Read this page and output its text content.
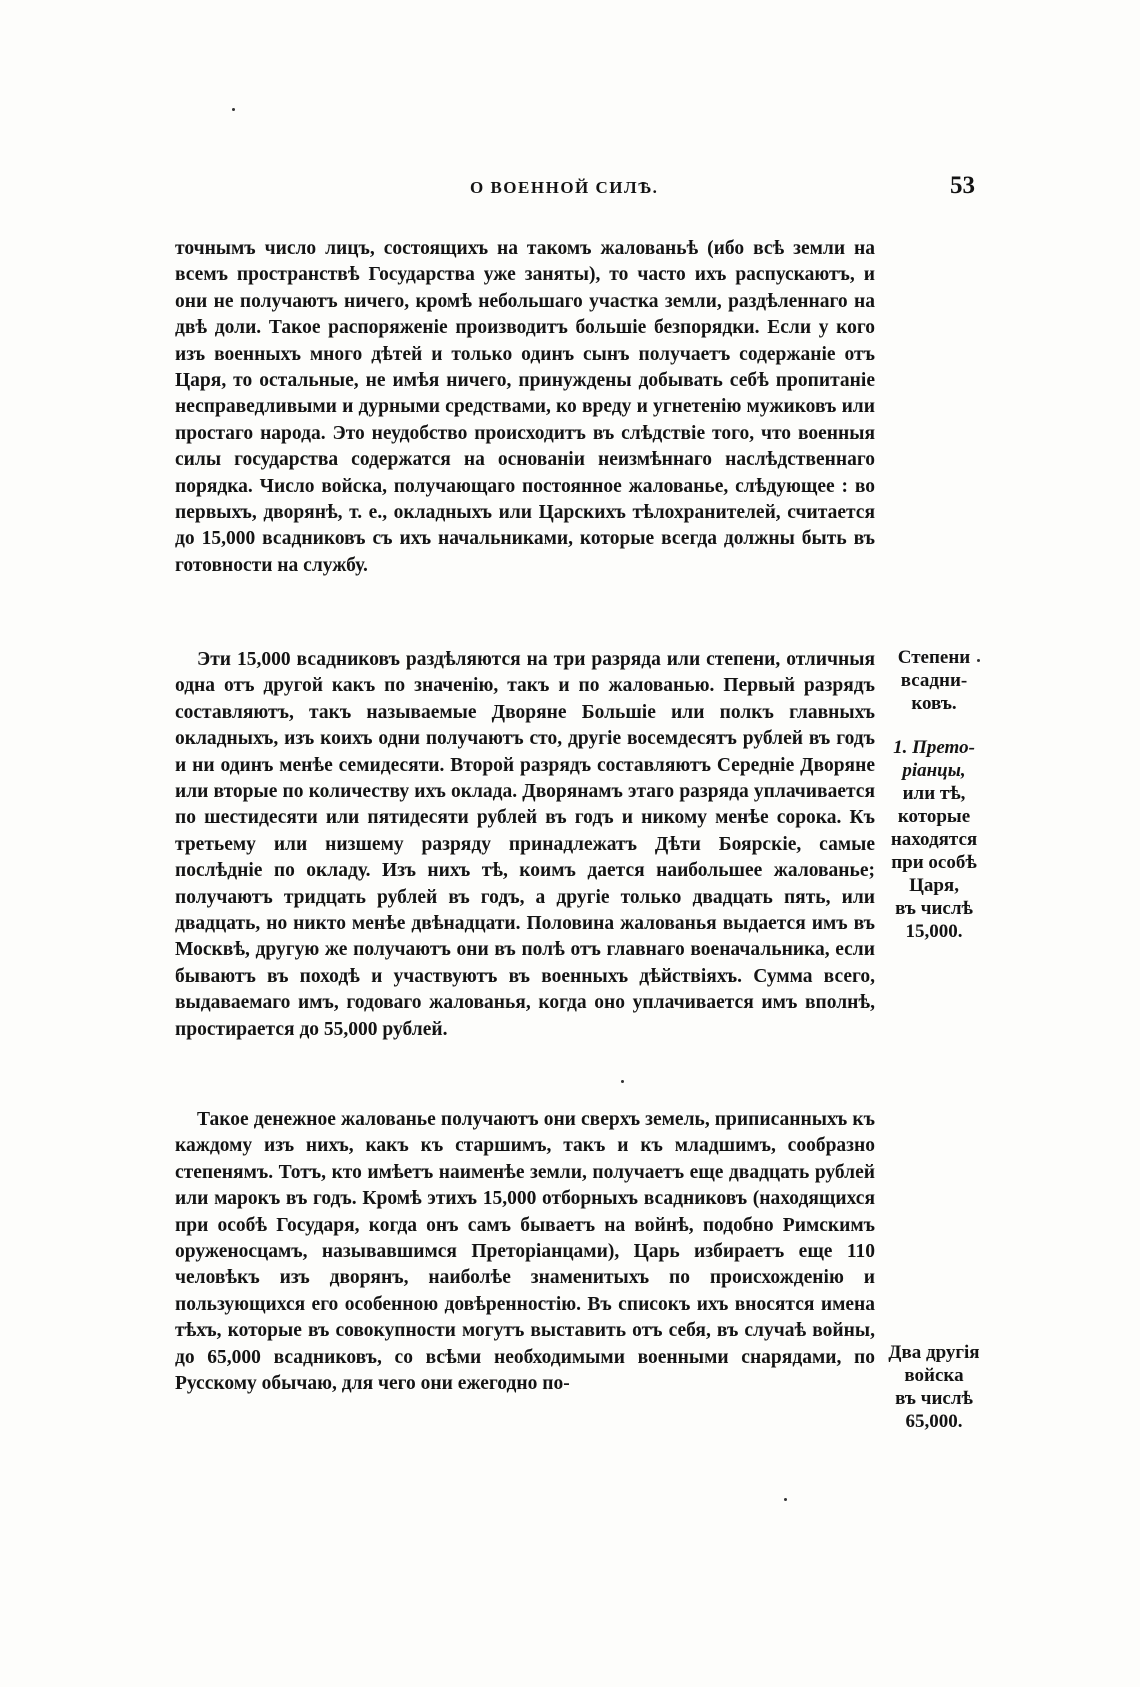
О ВОЕННОЙ СИЛѢ.	53

точнымъ число лицъ, состоящихъ на такомъ жалованьѣ (ибо всѣ земли на всемъ пространствѣ Государства уже заняты), то часто ихъ распускаютъ, и они не получаютъ ничего, кромѣ небольшаго участка земли, раздѣленнаго на двѣ доли. Такое распоряженіе производитъ большіе безпорядки. Если у кого изъ военныхъ много дѣтей и только одинъ сынъ получаетъ содержаніе отъ Царя, то остальные, не имѣя ничего, принуждены добывать себѣ пропитаніе несправедливыми и дурными средствами, ко вреду и угнетенію мужиковъ или простаго народа. Это неудобство происходитъ въ слѣдствіе того, что военныя силы государства содержатся на основаніи неизмѣннаго наслѣдственнаго порядка. Число войска, получающаго постоянное жалованье, слѣдующее : во первыхъ, дворянѣ, т. е., окладныхъ или Царскихъ тѣлохранителей, считается до 15,000 всадниковъ съ ихъ начальниками, которые всегда должны быть въ готовности на службу.

Эти 15,000 всадниковъ раздѣляются на три разряда или степени, отличныя одна отъ другой какъ по значенію, такъ и по жалованью. Первый разрядъ составляютъ, такъ называемые Дворяне Большіе или полкъ главныхъ окладныхъ, изъ коихъ одни получаютъ сто, другіе восемдесятъ рублей въ годъ и ни одинъ менѣе семидесяти. Второй разрядъ составляютъ Середніе Дворяне или вторые по количеству ихъ оклада. Дворянамъ этаго разряда уплачивается по шестидесяти или пятидесяти рублей въ годъ и никому менѣе сорока. Къ третьему или низшему разряду принадлежатъ Дѣти Боярскіе, самые послѣдніе по окладу. Изъ нихъ тѣ, коимъ дается наибольшее жалованье; получаютъ тридцать рублей въ годъ, а другіе только двадцать пять, или двадцать, но никто менѣе двѣнадцати. Половина жалованья выдается имъ въ Москвѣ, другую же получаютъ они въ полѣ отъ главнаго военачальника, если бываютъ въ походѣ и участвуютъ въ военныхъ дѣйствіяхъ. Сумма всего, выдаваемаго имъ, годоваго жалованья, когда оно уплачивается имъ вполнѣ, простирается до 55,000 рублей.

Такое денежное жалованье получаютъ они сверхъ земель, приписанныхъ къ каждому изъ нихъ, какъ къ старшимъ, такъ и къ младшимъ, сообразно степенямъ. Тотъ, кто имѣетъ наименѣе земли, получаетъ еще двадцать рублей или марокъ въ годъ. Кромѣ этихъ 15,000 отборныхъ всадниковъ (находящихся при особѣ Государя, когда онъ самъ бываетъ на войнѣ, подобно Римскимъ оруженосцамъ, называвшимся Преторіанцами), Царь избираетъ еще 110 человѣкъ изъ дворянъ, наиболѣе знаменитыхъ по происхожденію и пользующихся его особенною довѣренностію. Въ списокъ ихъ вносятся имена тѣхъ, которые въ совокупности могутъ выставить отъ себя, въ случаѣ войны, до 65,000 всадниковъ, со всѣми необходимыми военными снарядами, по Русскому обычаю, для чего они ежегодно по-

Степени

всадни-

ковъ.

1. Прето-

ріанцы,

или тѣ,

которые

находятся

при особѣ

Царя,

въ числѣ

15,000.

Два другія

войска

въ числѣ

65,000.
